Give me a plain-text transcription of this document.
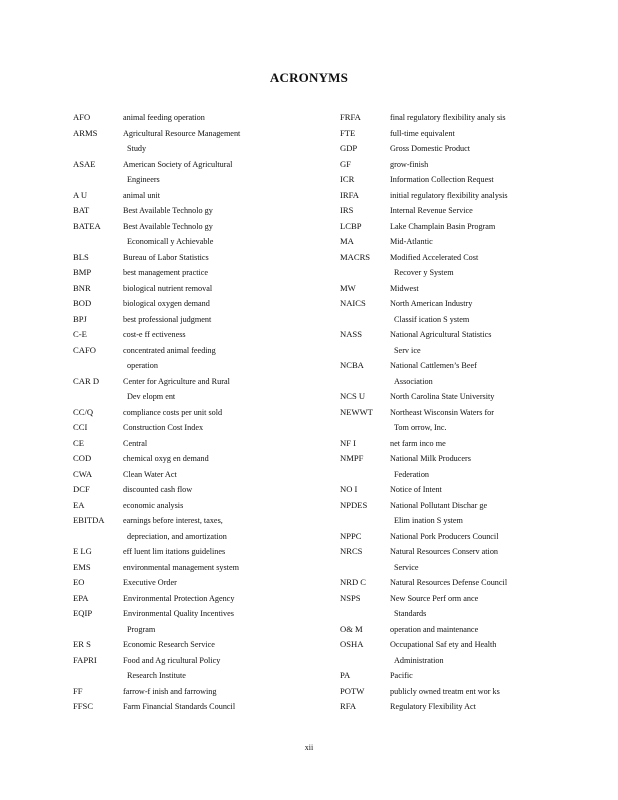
ACRONYMS
AFO	animal feeding operation
ARMS	Agricultural Resource Management
Study
ASAE	American Society of Agricultural
Engineers
A U	animal unit
BAT	Best Available Technolo gy
BATEA	Best Available Technolo gy
Economicall y Achievable
BLS	Bureau of Labor Statistics
BMP	best management practice
BNR	biological nutrient removal
BOD	biological oxygen demand
BPJ	best professional judgment
C-E	cost-e ff ectiveness
CAFO	concentrated animal feeding
operation
CAR D	Center for Agriculture and Rural
Dev elopm ent
CC/Q	compliance costs per unit sold
CCI	Construction Cost Index
CE	Central
COD	chemical oxyg en demand
CWA	Clean Water Act
DCF	discounted cash flow
EA	economic analysis
EBITDA	earnings before interest, taxes,
depreciation, and amortization
E LG	eff luent lim itations guidelines
EMS	environmental management system
EO	Executive Order
EPA	Environmental Protection Agency
EQIP	Environmental Quality Incentives
Program
ER S	Economic Research Service
FAPRI	Food and Ag ricultural Policy
Research Institute
FF	farrow-f inish and farrowing
FFSC	Farm Financial Standards Council
FRFA	final regulatory flexibility analy sis
FTE	full-time equivalent
GDP	Gross Domestic Product
GF	grow-finish
ICR	Information Collection Request
IRFA	initial regulatory flexibility analysis
IRS	Internal Revenue Service
LCBP	Lake Champlain Basin Program
MA	Mid-Atlantic
MACRS	Modified Accelerated Cost
Recover y System
MW	Midwest
NAICS	North American Industry
Classif ication S ystem
NASS	National Agricultural Statistics
Serv ice
NCBA	National Cattlemen’s Beef
Association
NCS U	North Carolina State University
NEWWT	Northeast Wisconsin Waters for
Tom orrow, Inc.
NF I	net farm inco me
NMPF	National Milk Producers
Federation
NO I	Notice of Intent
NPDES	National Pollutant Dischar ge
Elim ination S ystem
NPPC	National Pork Producers Council
NRCS	Natural Resources Conserv ation
Service
NRD C	Natural Resources Defense Council
NSPS	New Source Perf orm ance
Standards
O& M	operation and maintenance
OSHA	Occupational Saf ety and Health
Administration
PA	Pacific
POTW	publicly owned treatm ent wor ks
RFA	Regulatory Flexibility Act
xii
